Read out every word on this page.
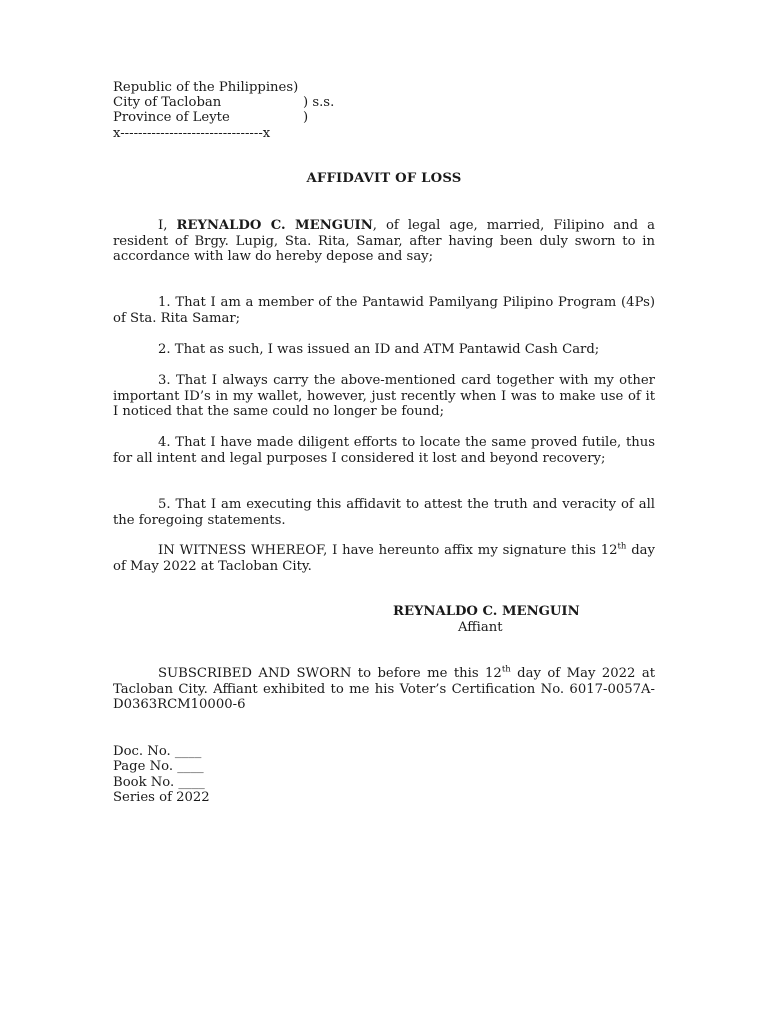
Republic of the Philippines)
City of Tacloban	) s.s.
Province of Leyte	)
x--------------------------------x
AFFIDAVIT OF LOSS
I, REYNALDO C. MENGUIN, of legal age, married, Filipino and a resident of Brgy. Lupig, Sta. Rita, Samar, after having been duly sworn to in accordance with law do hereby depose and say;
1. That I am a member of the Pantawid Pamilyang Pilipino Program (4Ps) of Sta. Rita Samar;
2. That as such, I was issued an ID and ATM Pantawid Cash Card;
3. That I always carry the above-mentioned card together with my other important ID’s in my wallet, however, just recently when I was to make use of it I noticed that the same could no longer be found;
4. That I have made diligent efforts to locate the same proved futile, thus for all intent and legal purposes I considered it lost and beyond recovery;
5. That I am executing this affidavit to attest the truth and veracity of all the foregoing statements.
IN WITNESS WHEREOF, I have hereunto affix my signature this 12th day of May 2022 at Tacloban City.
REYNALDO C. MENGUIN
Affiant
SUBSCRIBED AND SWORN to before me this 12th day of May 2022 at Tacloban City. Affiant exhibited to me his Voter’s Certification No. 6017-0057A-D0363RCM10000-6
Doc. No. ____
Page No. ____
Book No. ____
Series of 2022
